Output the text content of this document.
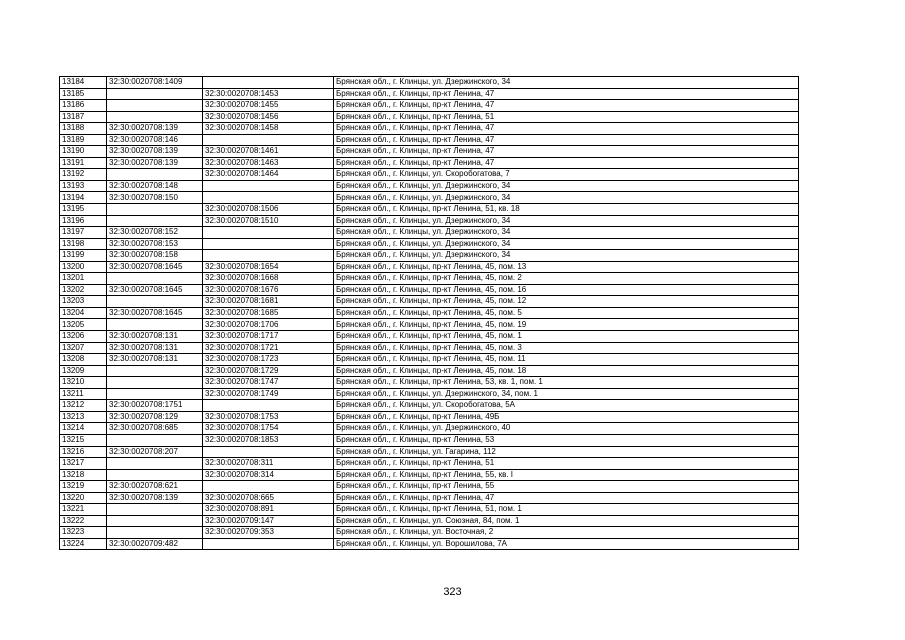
13184	32:30:0020708:1409		Брянская обл., г. Клинцы, ул. Дзержинского, 34
13185		32:30:0020708:1453	Брянская обл., г. Клинцы, пр-кт Ленина, 47
13186		32:30:0020708:1455	Брянская обл., г. Клинцы, пр-кт Ленина, 47
13187		32:30:0020708:1456	Брянская обл., г. Клинцы, пр-кт Ленина, 51
13188	32:30:0020708:139	32:30:0020708:1458	Брянская обл., г. Клинцы, пр-кт Ленина, 47
13189	32:30:0020708:146		Брянская обл., г. Клинцы, пр-кт Ленина, 47
13190	32:30:0020708:139	32:30:0020708:1461	Брянская обл., г. Клинцы, пр-кт Ленина, 47
13191	32:30:0020708:139	32:30:0020708:1463	Брянская обл., г. Клинцы, пр-кт Ленина, 47
13192		32:30:0020708:1464	Брянская обл., г. Клинцы, ул. Скоробогатова, 7
13193	32:30:0020708:148		Брянская обл., г. Клинцы, ул. Дзержинского, 34
13194	32:30:0020708:150		Брянская обл., г. Клинцы, ул. Дзержинского, 34
13195		32:30:0020708:1506	Брянская обл., г. Клинцы, пр-кт Ленина, 51, кв. 18
13196		32:30:0020708:1510	Брянская обл., г. Клинцы, ул. Дзержинского, 34
13197	32:30:0020708:152		Брянская обл., г. Клинцы, ул. Дзержинского, 34
13198	32:30:0020708:153		Брянская обл., г. Клинцы, ул. Дзержинского, 34
13199	32:30:0020708:158		Брянская обл., г. Клинцы, ул. Дзержинского, 34
13200	32:30:0020708:1645	32:30:0020708:1654	Брянская обл., г. Клинцы, пр-кт Ленина, 45, пом. 13
13201		32:30:0020708:1668	Брянская обл., г. Клинцы, пр-кт Ленина, 45, пом. 2
13202	32:30:0020708:1645	32:30:0020708:1676	Брянская обл., г. Клинцы, пр-кт Ленина, 45, пом. 16
13203		32:30:0020708:1681	Брянская обл., г. Клинцы, пр-кт Ленина, 45, пом. 12
13204	32:30:0020708:1645	32:30:0020708:1685	Брянская обл., г. Клинцы, пр-кт Ленина, 45, пом. 5
13205		32:30:0020708:1706	Брянская обл., г. Клинцы, пр-кт Ленина, 45, пом. 19
13206	32:30:0020708:131	32:30:0020708:1717	Брянская обл., г. Клинцы, пр-кт Ленина, 45, пом. 1
13207	32:30:0020708:131	32:30:0020708:1721	Брянская обл., г. Клинцы, пр-кт Ленина, 45, пом. 3
13208	32:30:0020708:131	32:30:0020708:1723	Брянская обл., г. Клинцы, пр-кт Ленина, 45, пом. 11
13209		32:30:0020708:1729	Брянская обл., г. Клинцы, пр-кт Ленина, 45, пом. 18
13210		32:30:0020708:1747	Брянская обл., г. Клинцы, пр-кт Ленина, 53, кв. 1, пом. 1
13211		32:30:0020708:1749	Брянская обл., г. Клинцы, ул. Дзержинского, 34, пом. 1
13212	32:30:0020708:1751		Брянская обл., г. Клинцы, ул. Скоробогатова, 5А
13213	32:30:0020708:129	32:30:0020708:1753	Брянская обл., г. Клинцы, пр-кт Ленина, 49Б
13214	32:30:0020708:685	32:30:0020708:1754	Брянская обл., г. Клинцы, ул. Дзержинского, 40
13215		32:30:0020708:1853	Брянская обл., г. Клинцы, пр-кт Ленина, 53
13216	32:30:0020708:207		Брянская обл., г. Клинцы, ул. Гагарина, 112
13217		32:30:0020708:311	Брянская обл., г. Клинцы, пр-кт Ленина, 51
13218		32:30:0020708:314	Брянская обл., г. Клинцы, пр-кт Ленина, 55, кв. I
13219	32:30:0020708:621		Брянская обл., г. Клинцы, пр-кт Ленина, 55
13220	32:30:0020708:139	32:30:0020708:665	Брянская обл., г. Клинцы, пр-кт Ленина, 47
13221		32:30:0020708:891	Брянская обл., г. Клинцы, пр-кт Ленина, 51, пом. 1
13222		32:30:0020709:147	Брянская обл., г. Клинцы, ул. Союзная, 84, пом. 1
13223		32:30:0020709:353	Брянская обл., г. Клинцы, ул. Восточная, 2
13224	32:30:0020709:482		Брянская обл., г. Клинцы, ул. Ворошилова, 7А
323
